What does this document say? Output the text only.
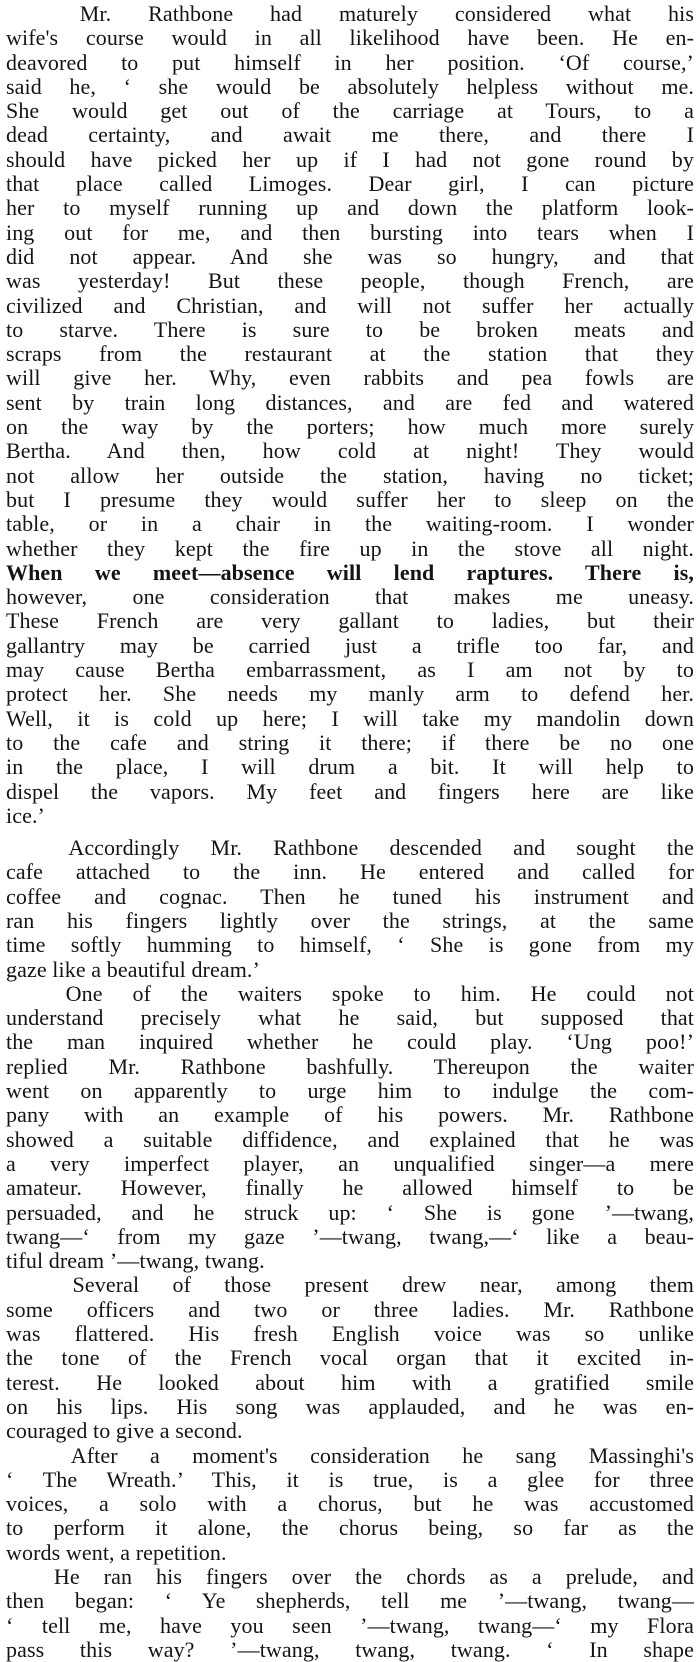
Mr. Rathbone had maturely considered what his
wife's course would in all likelihood have been. He en-
deavored to put himself in her position. ‘Of course,’
said he, ‘ she would be absolutely helpless without me.
She would get out of the carriage at Tours, to a
dead certainty, and await me there, and there I
should have picked her up if I had not gone round by
that place called Limoges. Dear girl, I can picture
her to myself running up and down the platform look-
ing out for me, and then bursting into tears when I
did not appear. And she was so hungry, and that
was yesterday! But these people, though French, are
civilized and Christian, and will not suffer her actually
to starve. There is sure to be broken meats and
scraps from the restaurant at the station that they
will give her. Why, even rabbits and pea fowls are
sent by train long distances, and are fed and watered
on the way by the porters; how much more surely
Bertha. And then, how cold at night! They would
not allow her outside the station, having no ticket;
but I presume they would suffer her to sleep on the
table, or in a chair in the waiting-room. I wonder
whether they kept the fire up in the stove all night.
When we meet—absence will lend raptures. There is,
however, one consideration that makes me uneasy.
These French are very gallant to ladies, but their
gallantry may be carried just a trifle too far, and
may cause Bertha embarrassment, as I am not by to
protect her. She needs my manly arm to defend her.
Well, it is cold up here; I will take my mandolin down
to the cafe and string it there; if there be no one
in the place, I will drum a bit. It will help to
dispel the vapors. My feet and fingers here are like
ice.’
Accordingly Mr. Rathbone descended and sought the
cafe attached to the inn. He entered and called for
coffee and cognac. Then he tuned his instrument and
ran his fingers lightly over the strings, at the same
time softly humming to himself, ‘ She is gone from my
gaze like a beautiful dream.’
One of the waiters spoke to him. He could not
understand precisely what he said, but supposed that
the man inquired whether he could play. ‘Ung poo!’
replied Mr. Rathbone bashfully. Thereupon the waiter
went on apparently to urge him to indulge the com-
pany with an example of his powers. Mr. Rathbone
showed a suitable diffidence, and explained that he was
a very imperfect player, an unqualified singer—a mere
amateur. However, finally he allowed himself to be
persuaded, and he struck up: ‘ She is gone ’—twang,
twang—‘ from my gaze ’—twang, twang,—‘ like a beau-
tiful dream ’—twang, twang.
Several of those present drew near, among them
some officers and two or three ladies. Mr. Rathbone
was flattered. His fresh English voice was so unlike
the tone of the French vocal organ that it excited in-
terest. He looked about him with a gratified smile
on his lips. His song was applauded, and he was en-
couraged to give a second.
After a moment's consideration he sang Massinghi's
‘ The Wreath.’ This, it is true, is a glee for three
voices, a solo with a chorus, but he was accustomed
to perform it alone, the chorus being, so far as the
words went, a repetition.
He ran his fingers over the chords as a prelude, and
then began: ‘ Ye shepherds, tell me ’—twang, twang—
‘ tell me, have you seen ’—twang, twang—‘ my Flora
pass this way? ’—twang, twang, twang. ‘ In shape
